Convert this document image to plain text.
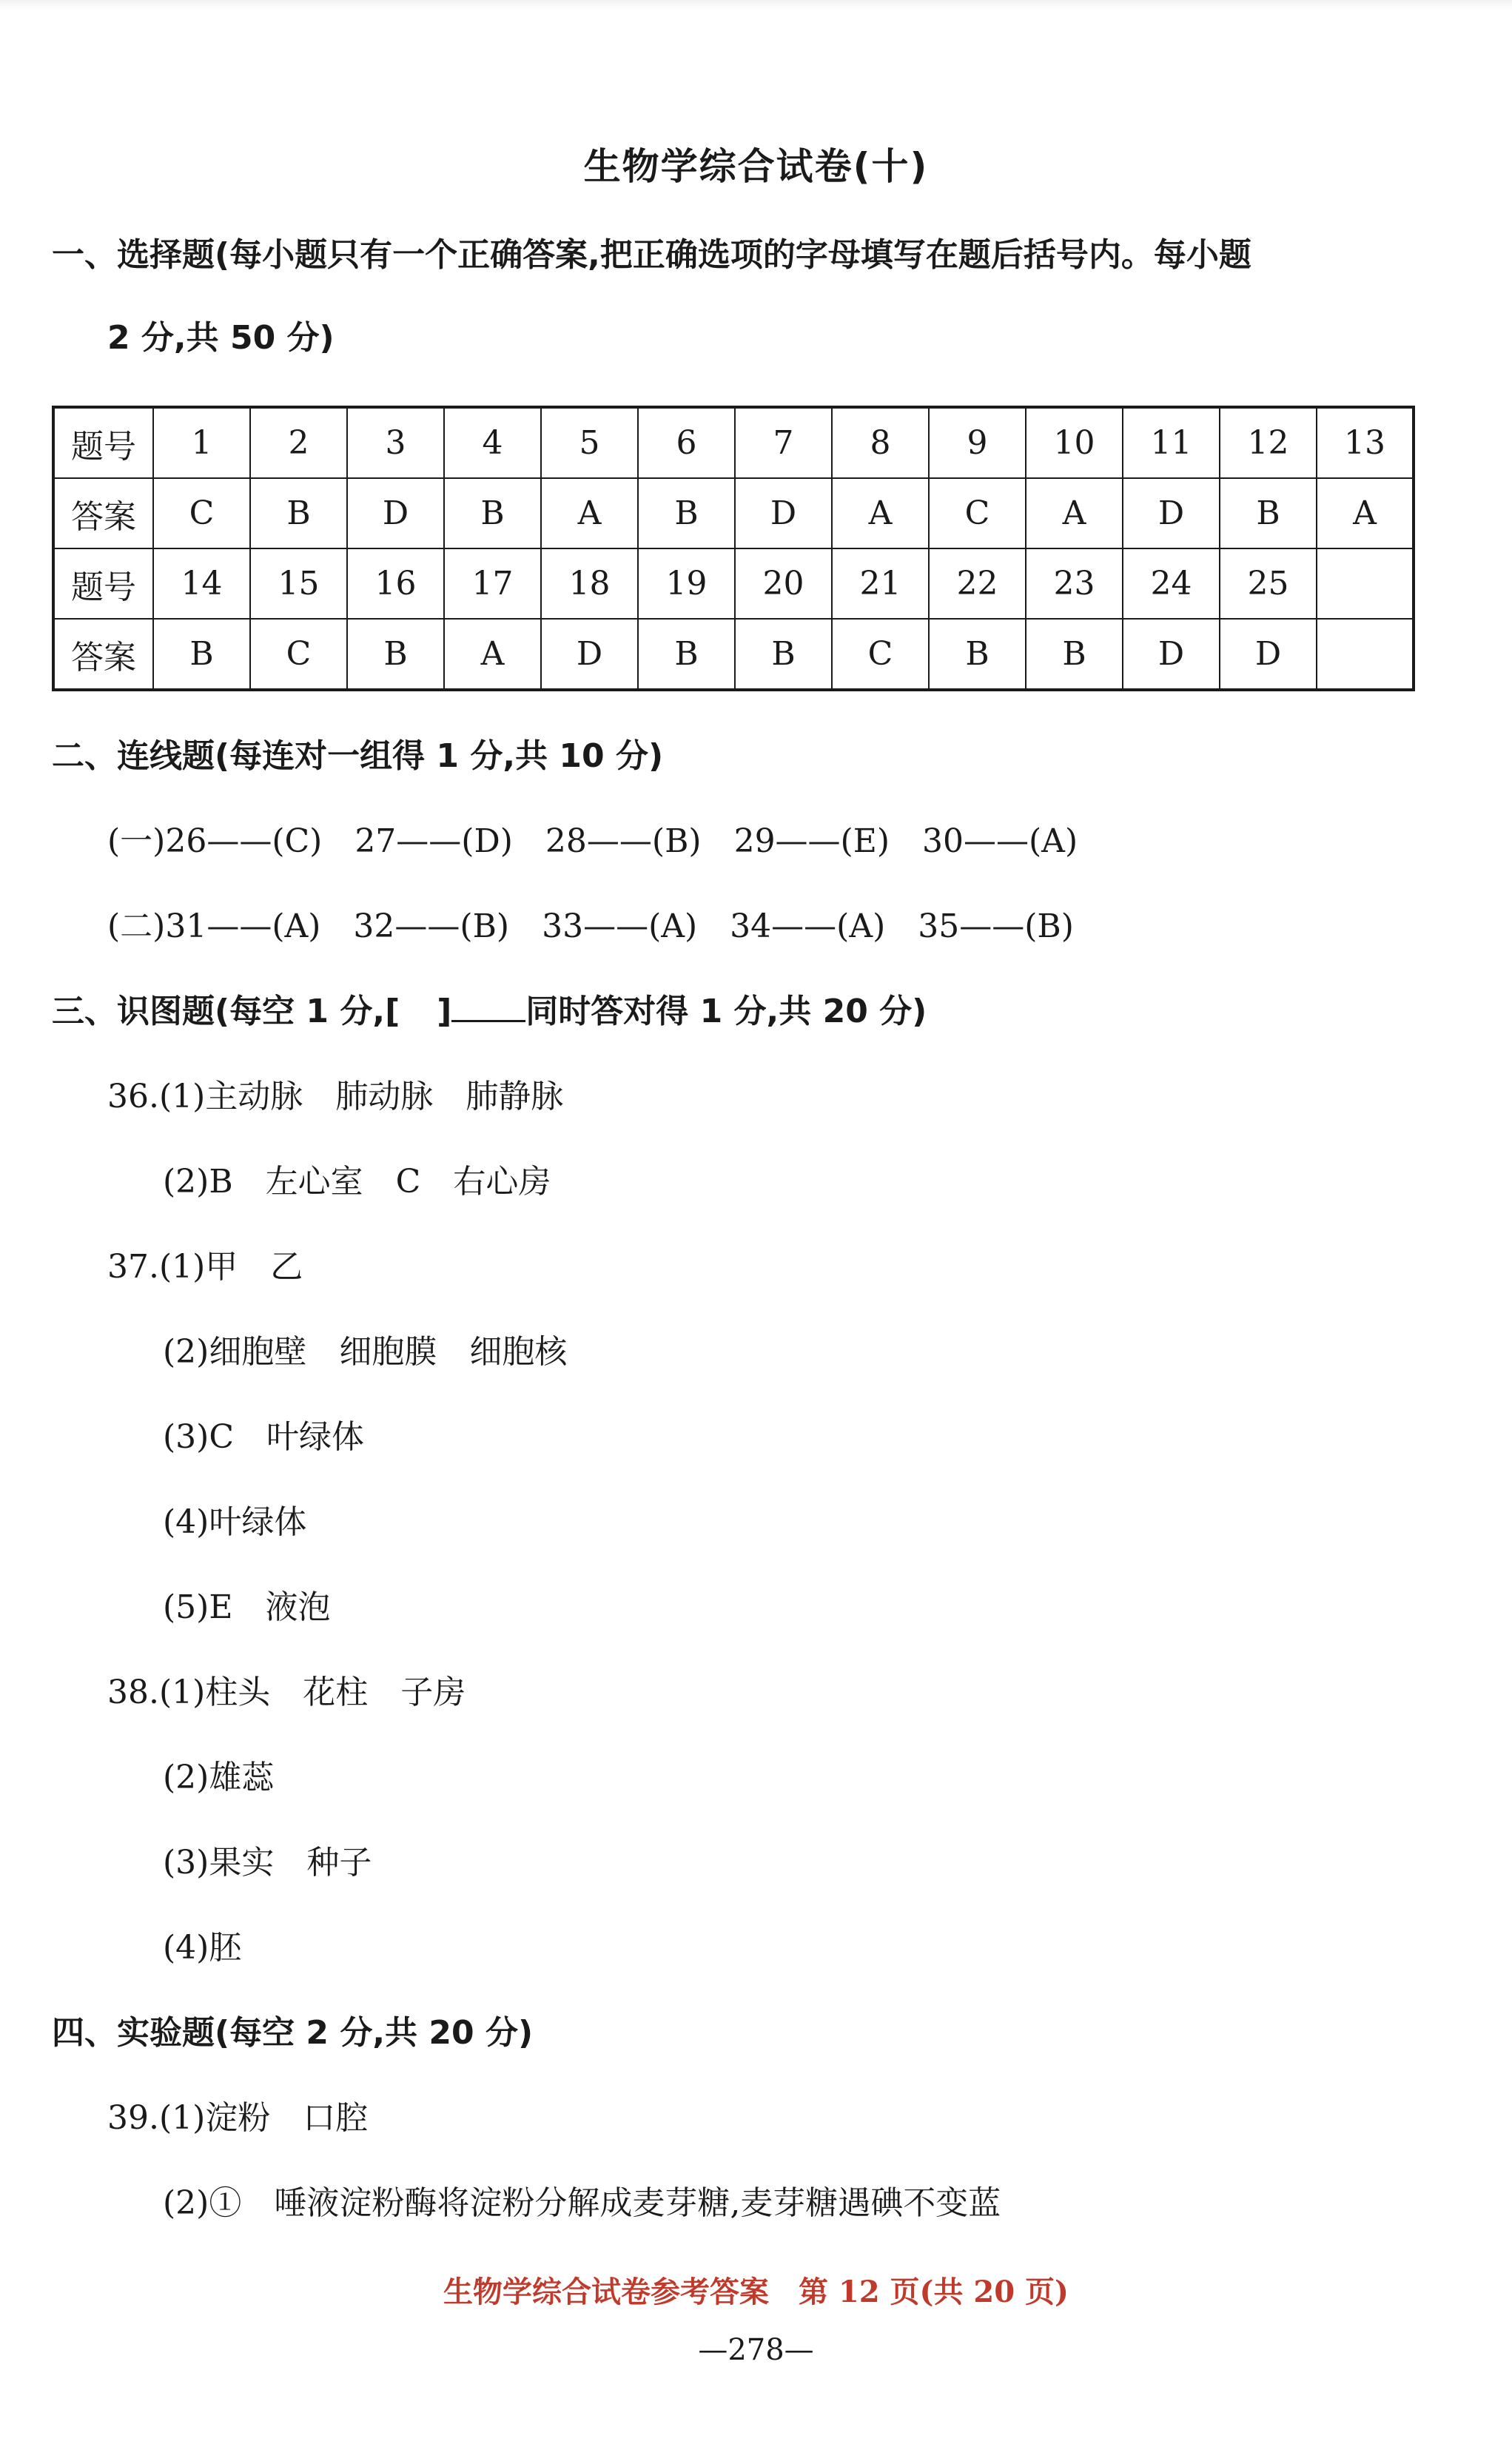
生物学综合试卷(十)
一、选择题(每小题只有一个正确答案,把正确选项的字母填写在题后括号内。每小题
2 分,共 50 分)
题号	1	2	3	4	5	6	7	8	9	10	11	12	13
答案	C	B	D	B	A	B	D	A	C	A	D	B	A
题号	14	15	16	17	18	19	20	21	22	23	24	25	
答案	B	C	B	A	D	B	B	C	B	B	D	D	
二、连线题(每连对一组得 1 分,共 10 分)
(一)26——(C)　27——(D)　28——(B)　29——(E)　30——(A)
(二)31——(A)　32——(B)　33——(A)　34——(A)　35——(B)
三、识图题(每空 1 分,[ ] 同时答对得 1 分,共 20 分)
36.(1)主动脉　肺动脉　肺静脉
(2)B　左心室　C　右心房
37.(1)甲　乙
(2)细胞壁　细胞膜　细胞核
(3)C　叶绿体
(4)叶绿体
(5)E　液泡
38.(1)柱头　花柱　子房
(2)雄蕊
(3)果实　种子
(4)胚
四、实验题(每空 2 分,共 20 分)
39.(1)淀粉　口腔
(2)①　唾液淀粉酶将淀粉分解成麦芽糖,麦芽糖遇碘不变蓝
生物学综合试卷参考答案　第 12 页(共 20 页)
—278—
